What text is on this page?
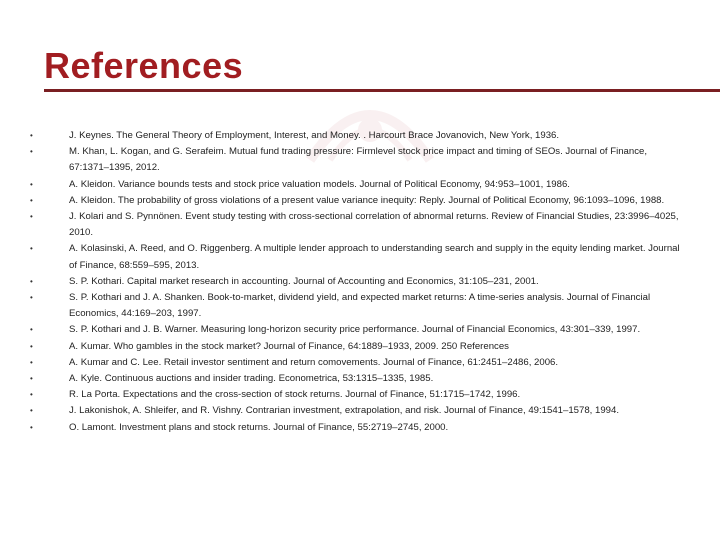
References
•	J. Keynes. The General Theory of Employment, Interest, and Money. . Harcourt Brace Jovanovich, New York, 1936.
•	M. Khan, L. Kogan, and G. Serafeim. Mutual fund trading pressure: Firmlevel stock price impact and timing of SEOs. Journal of Finance, 67:1371–1395, 2012.
•	A. Kleidon. Variance bounds tests and stock price valuation models. Journal of Political Economy, 94:953–1001, 1986.
•	A. Kleidon. The probability of gross violations of a present value variance inequity: Reply. Journal of Political Economy, 96:1093–1096, 1988.
•	J. Kolari and S. Pynnönen. Event study testing with cross-sectional correlation of abnormal returns. Review of Financial Studies, 23:3996–4025, 2010.
•	A. Kolasinski, A. Reed, and O. Riggenberg. A multiple lender approach to understanding search and supply in the equity lending market. Journal of Finance, 68:559–595, 2013.
•	S. P. Kothari. Capital market research in accounting. Journal of Accounting and Economics, 31:105–231, 2001.
•	S. P. Kothari and J. A. Shanken. Book-to-market, dividend yield, and expected market returns: A time-series analysis. Journal of Financial Economics, 44:169–203, 1997.
•	S. P. Kothari and J. B. Warner. Measuring long-horizon security price performance. Journal of Financial Economics, 43:301–339, 1997.
•	A. Kumar. Who gambles in the stock market? Journal of Finance, 64:1889–1933, 2009. 250 References
•	A. Kumar and C. Lee. Retail investor sentiment and return comovements. Journal of Finance, 61:2451–2486, 2006.
•	A. Kyle. Continuous auctions and insider trading. Econometrica, 53:1315–1335, 1985.
•	R. La Porta. Expectations and the cross-section of stock returns. Journal of Finance, 51:1715–1742, 1996.
•	J. Lakonishok, A. Shleifer, and R. Vishny. Contrarian investment, extrapolation, and risk. Journal of Finance, 49:1541–1578, 1994.
•	O. Lamont. Investment plans and stock returns. Journal of Finance, 55:2719–2745, 2000.
